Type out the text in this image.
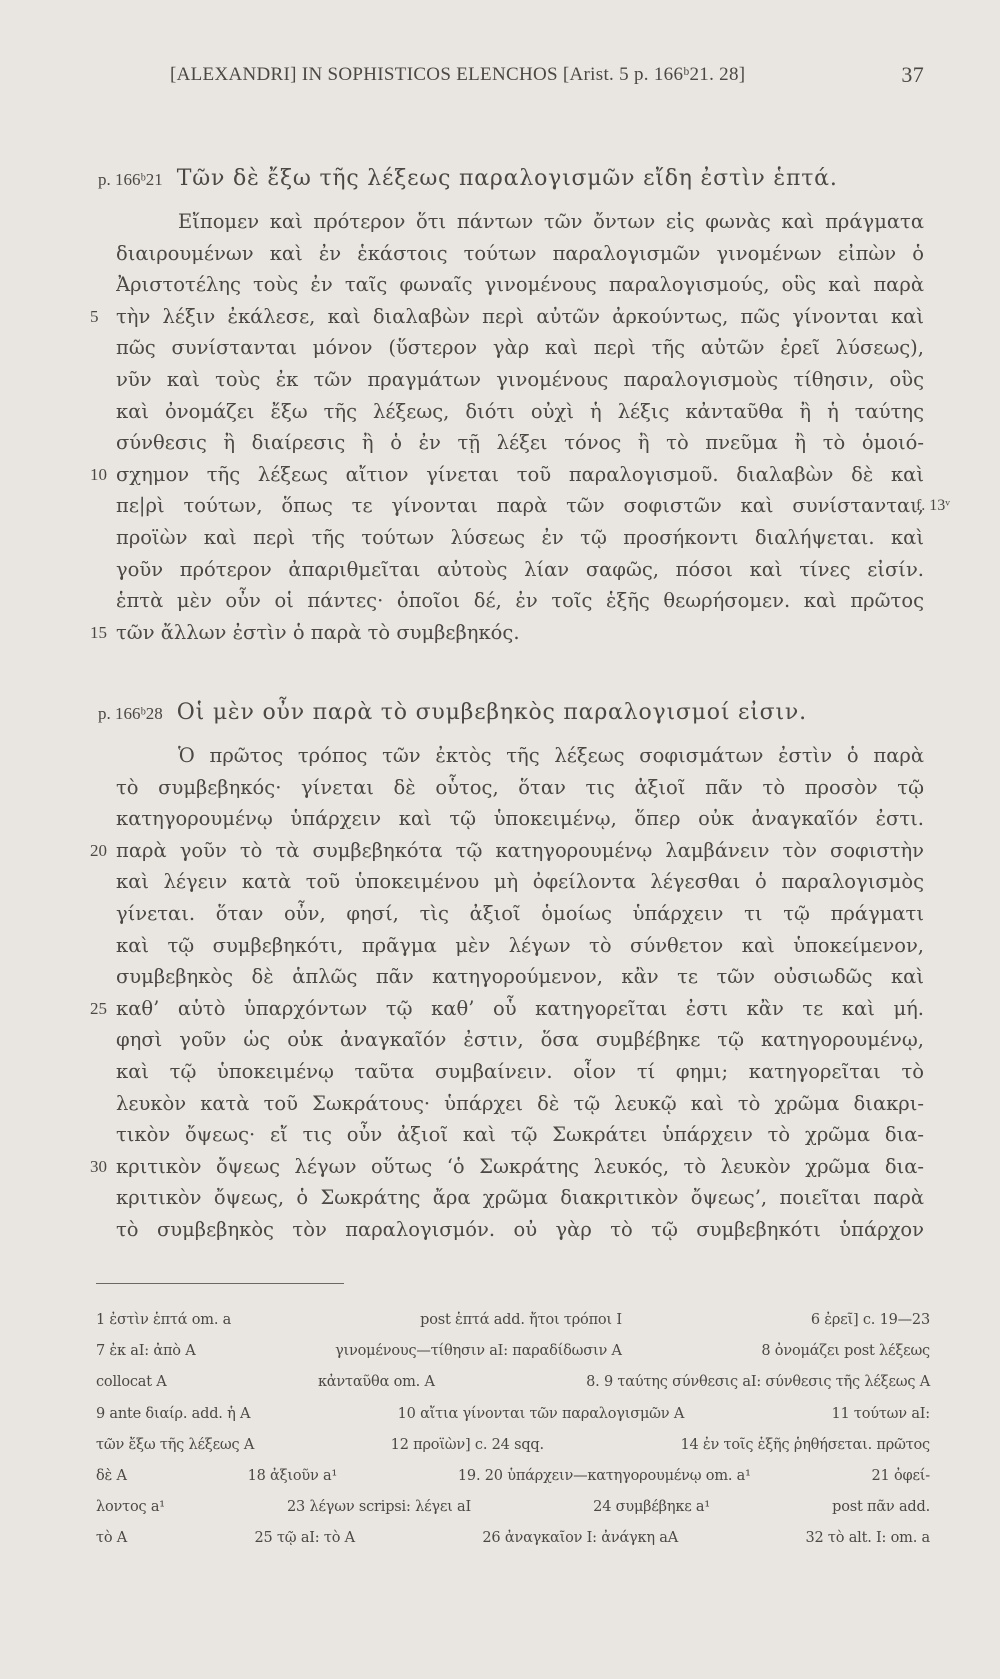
[ALEXANDRI] IN SOPHISTICOS ELENCHOS [Arist. 5 p. 166ᵇ21. 28]	37
p. 166ᵇ21 Τῶν δὲ ἔξω τῆς λέξεως παραλογισμῶν εἴδη ἐστὶν ἑπτά.
Εἴπομεν καὶ πρότερον ὅτι πάντων τῶν ὄντων εἰς φωνὰς καὶ πράγματα
διαιρουμένων καὶ ἐν ἑκάστοις τούτων παραλογισμῶν γινομένων εἰπὼν ὁ
Ἀριστοτέλης τοὺς ἐν ταῖς φωναῖς γινομένους παραλογισμούς, οὓς καὶ παρὰ
5 τὴν λέξιν ἐκάλεσε, καὶ διαλαβὼν περὶ αὐτῶν ἀρκούντως, πῶς γίνονται καὶ
πῶς συνίστανται μόνον (ὕστερον γὰρ καὶ περὶ τῆς αὐτῶν ἐρεῖ λύσεως),
νῦν καὶ τοὺς ἐκ τῶν πραγμάτων γινομένους παραλογισμοὺς τίθησιν, οὓς
καὶ ὀνομάζει ἔξω τῆς λέξεως, διότι οὐχὶ ἡ λέξις κἀνταῦθα ἢ ἡ ταύτης
σύνθεσις ἢ διαίρεσις ἢ ὁ ἐν τῇ λέξει τόνος ἢ τὸ πνεῦμα ἢ τὸ ὁμοιό-
10 σχημον τῆς λέξεως αἴτιον γίνεται τοῦ παραλογισμοῦ. διαλαβὼν δὲ καὶ
πε|ρὶ τούτων, ὅπως τε γίνονται παρὰ τῶν σοφιστῶν καὶ συνίστανται,
f. 13ᵛ
προϊὼν καὶ περὶ τῆς τούτων λύσεως ἐν τῷ προσήκοντι διαλήψεται. καὶ
γοῦν πρότερον ἀπαριθμεῖται αὐτοὺς λίαν σαφῶς, πόσοι καὶ τίνες εἰσίν.
ἑπτὰ μὲν οὖν οἱ πάντες· ὁποῖοι δέ, ἐν τοῖς ἑξῆς θεωρήσομεν. καὶ πρῶτος
15 τῶν ἄλλων ἐστὶν ὁ παρὰ τὸ συμβεβηκός.
p. 166ᵇ28 Οἱ μὲν οὖν παρὰ τὸ συμβεβηκὸς παραλογισμοί εἰσιν.
Ὁ πρῶτος τρόπος τῶν ἐκτὸς τῆς λέξεως σοφισμάτων ἐστὶν ὁ παρὰ
τὸ συμβεβηκός· γίνεται δὲ οὗτος, ὅταν τις ἀξιοῖ πᾶν τὸ προσὸν τῷ
κατηγορουμένῳ ὑπάρχειν καὶ τῷ ὑποκειμένῳ, ὅπερ οὐκ ἀναγκαῖόν ἐστι.
20 παρὰ γοῦν τὸ τὰ συμβεβηκότα τῷ κατηγορουμένῳ λαμβάνειν τὸν σοφιστὴν
καὶ λέγειν κατὰ τοῦ ὑποκειμένου μὴ ὀφείλοντα λέγεσθαι ὁ παραλογισμὸς
γίνεται. ὅταν οὖν, φησί, τὶς ἀξιοῖ ὁμοίως ὑπάρχειν τι τῷ πράγματι
καὶ τῷ συμβεβηκότι, πρᾶγμα μὲν λέγων τὸ σύνθετον καὶ ὑποκείμενον,
συμβεβηκὸς δὲ ἁπλῶς πᾶν κατηγορούμενον, κἂν τε τῶν οὐσιωδῶς καὶ
25 καθ’ αὑτὸ ὑπαρχόντων τῷ καθ’ οὗ κατηγορεῖται ἐστι κἂν τε καὶ μή.
φησὶ γοῦν ὡς οὐκ ἀναγκαῖόν ἐστιν, ὅσα συμβέβηκε τῷ κατηγορουμένῳ,
καὶ τῷ ὑποκειμένῳ ταῦτα συμβαίνειν. οἷον τί φημι; κατηγορεῖται τὸ
λευκὸν κατὰ τοῦ Σωκράτους· ὑπάρχει δὲ τῷ λευκῷ καὶ τὸ χρῶμα διακρι-
τικὸν ὄψεως· εἴ τις οὖν ἀξιοῖ καὶ τῷ Σωκράτει ὑπάρχειν τὸ χρῶμα δια-
30 κριτικὸν ὄψεως λέγων οὕτως ‘ὁ Σωκράτης λευκός, τὸ λευκὸν χρῶμα δια-
κριτικὸν ὄψεως, ὁ Σωκράτης ἄρα χρῶμα διακριτικὸν ὄψεως’, ποιεῖται παρὰ
τὸ συμβεβηκὸς τὸν παραλογισμόν. οὐ γὰρ τὸ τῷ συμβεβηκότι ὑπάρχον
1 ἐστὶν ἑπτά om. a	post ἑπτά add. ἤτοι τρόποι I	6 ἐρεῖ] c. 19—23
7 ἐκ aI: ἀπὸ A	γινομένους—τίθησιν aI: παραδίδωσιν A	8 ὀνομάζει post λέξεως
collocat A	κἀνταῦθα om. A	8. 9 ταύτης σύνθεσις aI: σύνθεσις τῆς λέξεως A
9 ante διαίρ. add. ἡ A	10 αἴτια γίνονται τῶν παραλογισμῶν A	11 τούτων aI:
τῶν ἔξω τῆς λέξεως A	12 προϊὼν] c. 24 sqq.	14 ἐν τοῖς ἑξῆς ῥηθήσεται. πρῶτος
δὲ A	18 ἀξιοῦν a¹	19. 20 ὑπάρχειν—κατηγορουμένῳ om. a¹	21 ὀφεί-
λοντος a¹	23 λέγων scripsi: λέγει aI	24 συμβέβηκε a¹	post πᾶν add.
τὸ A	25 τῷ aI: τὸ A	26 ἀναγκαῖον I: ἀνάγκη aA	32 τὸ alt. I: om. a
